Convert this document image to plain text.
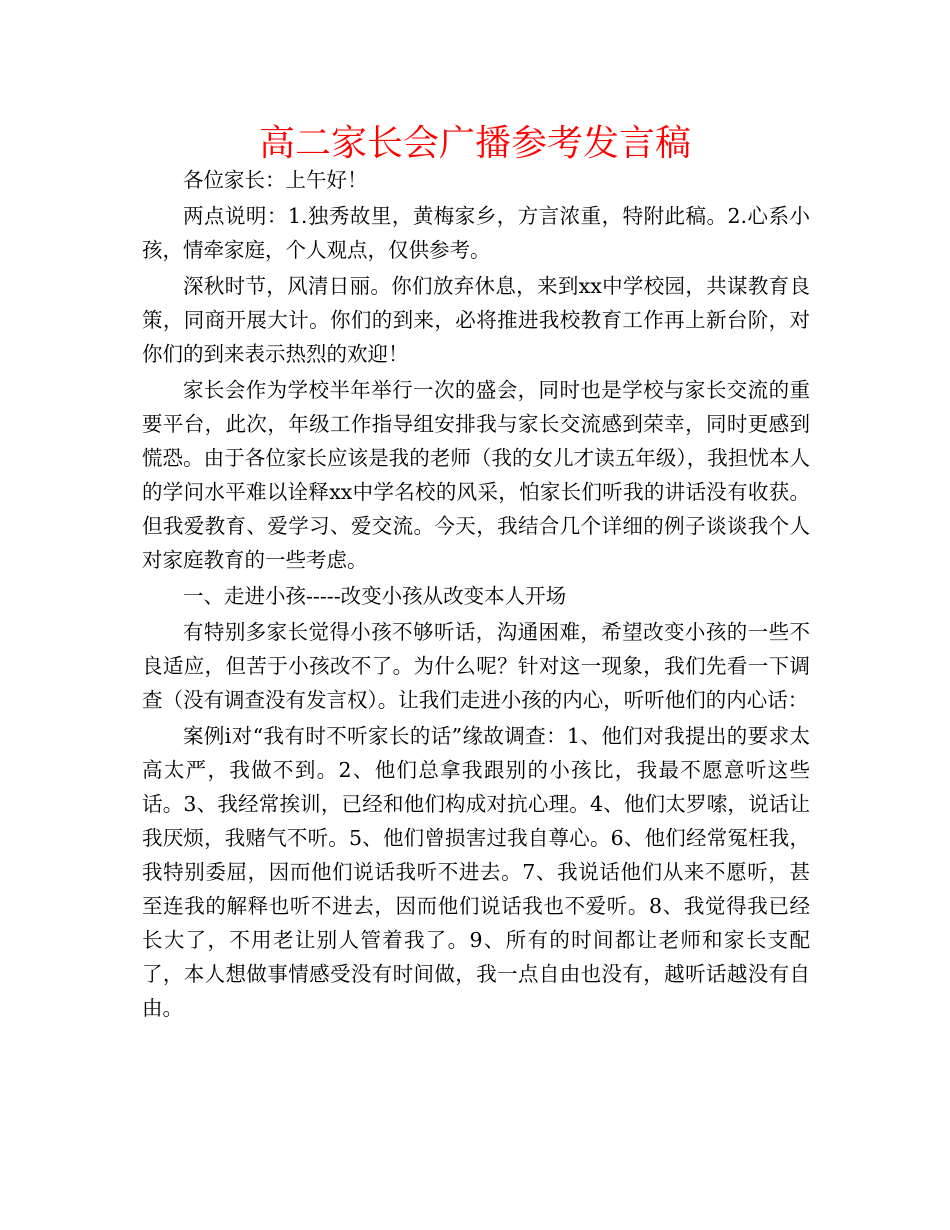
高二家长会广播参考发言稿

各位家长：上午好！

两点说明：1.独秀故里，黄梅家乡，方言浓重，特附此稿。2.心系小孩，情牵家庭，个人观点，仅供参考。

深秋时节，风清日丽。你们放弃休息，来到xx中学校园，共谋教育良策，同商开展大计。你们的到来，必将推进我校教育工作再上新台阶，对你们的到来表示热烈的欢迎！

家长会作为学校半年举行一次的盛会，同时也是学校与家长交流的重要平台，此次，年级工作指导组安排我与家长交流感到荣幸，同时更感到慌恐。由于各位家长应该是我的老师（我的女儿才读五年级），我担忧本人的学问水平难以诠释xx中学名校的风采，怕家长们听我的讲话没有收获。但我爱教育、爱学习、爱交流。今天，我结合几个详细的例子谈谈我个人对家庭教育的一些考虑。

一、走进小孩-----改变小孩从改变本人开场

有特别多家长觉得小孩不够听话，沟通困难，希望改变小孩的一些不良适应，但苦于小孩改不了。为什么呢？针对这一现象，我们先看一下调查（没有调查没有发言权）。让我们走进小孩的内心，听听他们的内心话：

案例ⅰ对“我有时不听家长的话”缘故调查：1、他们对我提出的要求太高太严，我做不到。2、他们总拿我跟别的小孩比，我最不愿意听这些话。3、我经常挨训，已经和他们构成对抗心理。4、他们太罗嗦，说话让我厌烦，我赌气不听。5、他们曾损害过我自尊心。6、他们经常冤枉我，我特别委屈，因而他们说话我听不进去。7、我说话他们从来不愿听，甚至连我的解释也听不进去，因而他们说话我也不爱听。8、我觉得我已经长大了，不用老让别人管着我了。9、所有的时间都让老师和家长支配了，本人想做事情感受没有时间做，我一点自由也没有，越听话越没有自由。
